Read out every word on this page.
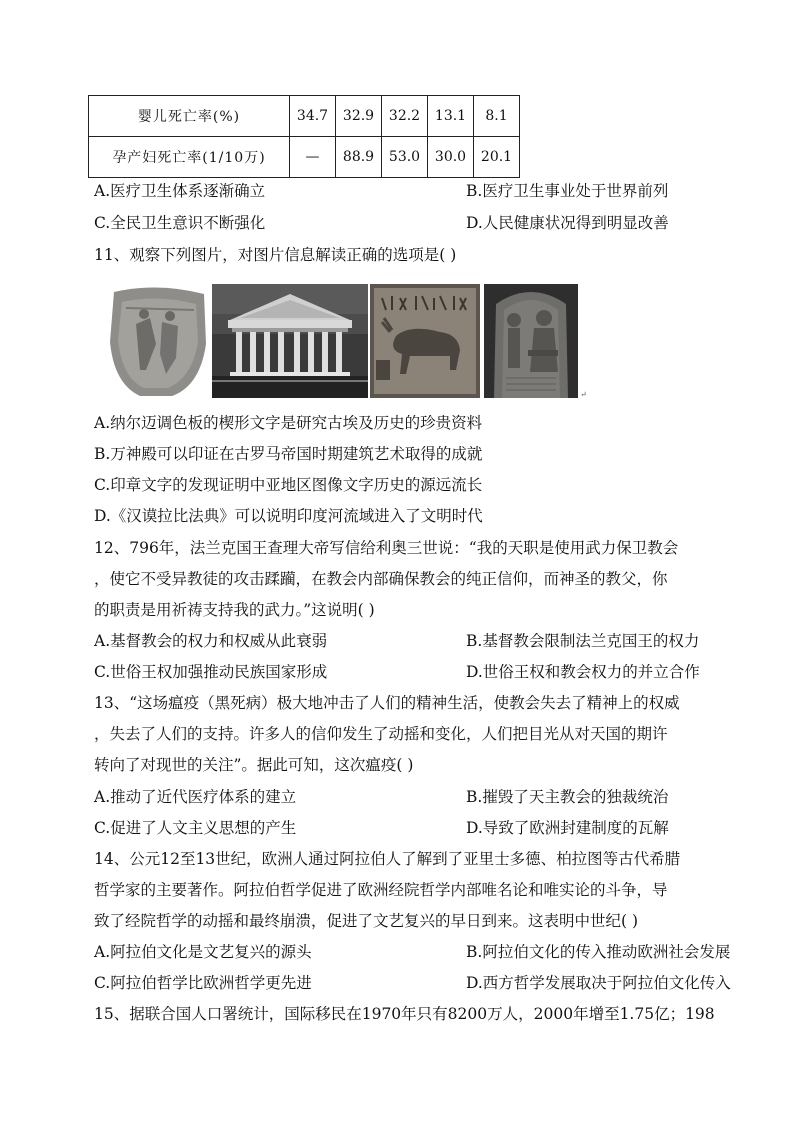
婴儿死亡率(%)	34.7	32.9	32.2	13.1	8.1
孕产妇死亡率(1/10万)	—	88.9	53.0	30.0	20.1
A.医疗卫生体系逐渐确立	B.医疗卫生事业处于世界前列
C.全民卫生意识不断强化	D.人民健康状况得到明显改善
11、观察下列图片，对图片信息解读正确的选项是( )
↵
A.纳尔迈调色板的楔形文字是研究古埃及历史的珍贵资料
B.万神殿可以印证在古罗马帝国时期建筑艺术取得的成就
C.印章文字的发现证明中亚地区图像文字历史的源远流长
D.《汉谟拉比法典》可以说明印度河流域进入了文明时代
12、796年，法兰克国王查理大帝写信给利奥三世说：“我的天职是使用武力保卫教会
，使它不受异教徒的攻击蹂躏，在教会内部确保教会的纯正信仰，而神圣的教父，你
的职责是用祈祷支持我的武力。”这说明( )
A.基督教会的权力和权威从此衰弱	B.基督教会限制法兰克国王的权力
C.世俗王权加强推动民族国家形成	D.世俗王权和教会权力的并立合作
13、“这场瘟疫（黑死病）极大地冲击了人们的精神生活，使教会失去了精神上的权威
，失去了人们的支持。许多人的信仰发生了动摇和变化，人们把目光从对天国的期许
转向了对现世的关注”。据此可知，这次瘟疫( )
A.推动了近代医疗体系的建立	B.摧毁了天主教会的独裁统治
C.促进了人文主义思想的产生	D.导致了欧洲封建制度的瓦解
14、公元12至13世纪，欧洲人通过阿拉伯人了解到了亚里士多德、柏拉图等古代希腊
哲学家的主要著作。阿拉伯哲学促进了欧洲经院哲学内部唯名论和唯实论的斗争，导
致了经院哲学的动摇和最终崩溃，促进了文艺复兴的早日到来。这表明中世纪( )
A.阿拉伯文化是文艺复兴的源头	B.阿拉伯文化的传入推动欧洲社会发展
C.阿拉伯哲学比欧洲哲学更先进	D.西方哲学发展取决于阿拉伯文化传入
15、据联合国人口署统计，国际移民在1970年只有8200万人，2000年增至1.75亿；198
